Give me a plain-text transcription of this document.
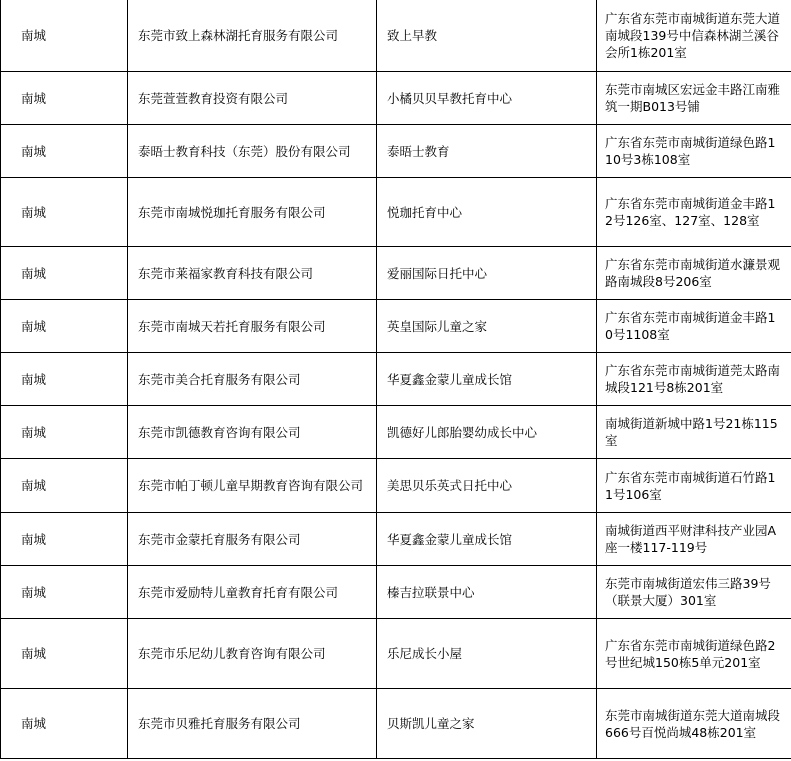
南城	东莞市致上森林湖托育服务有限公司	致上早教	广东省东莞市南城街道东莞大道南城段139号中信森林湖兰溪谷会所1栋201室
南城	东莞萱萱教育投资有限公司	小橘贝贝早教托育中心	东莞市南城区宏远金丰路江南雅筑一期B013号铺
南城	泰晤士教育科技（东莞）股份有限公司	泰晤士教育	广东省东莞市南城街道绿色路110号3栋108室
南城	东莞市南城悦珈托育服务有限公司	悦珈托育中心	广东省东莞市南城街道金丰路12号126室、127室、128室
南城	东莞市莱福家教育科技有限公司	爱丽国际日托中心	广东省东莞市南城街道水濂景观路南城段8号206室
南城	东莞市南城天若托育服务有限公司	英皇国际儿童之家	广东省东莞市南城街道金丰路10号1108室
南城	东莞市美合托育服务有限公司	华夏鑫金蒙儿童成长馆	广东省东莞市南城街道莞太路南城段121号8栋201室
南城	东莞市凯德教育咨询有限公司	凯德好儿郎胎婴幼成长中心	南城街道新城中路1号21栋115室
南城	东莞市帕丁顿儿童早期教育咨询有限公司	美思贝乐英式日托中心	广东省东莞市南城街道石竹路11号106室
南城	东莞市金蒙托育服务有限公司	华夏鑫金蒙儿童成长馆	南城街道西平财津科技产业园A座一楼117-119号
南城	东莞市爱励特儿童教育托育有限公司	榛吉拉联景中心	东莞市南城街道宏伟三路39号（联景大厦）301室
南城	东莞市乐尼幼儿教育咨询有限公司	乐尼成长小屋	广东省东莞市南城街道绿色路2号世纪城150栋5单元201室
南城	东莞市贝雅托育服务有限公司	贝斯凯儿童之家	东莞市南城街道东莞大道南城段666号百悦尚城48栋201室
